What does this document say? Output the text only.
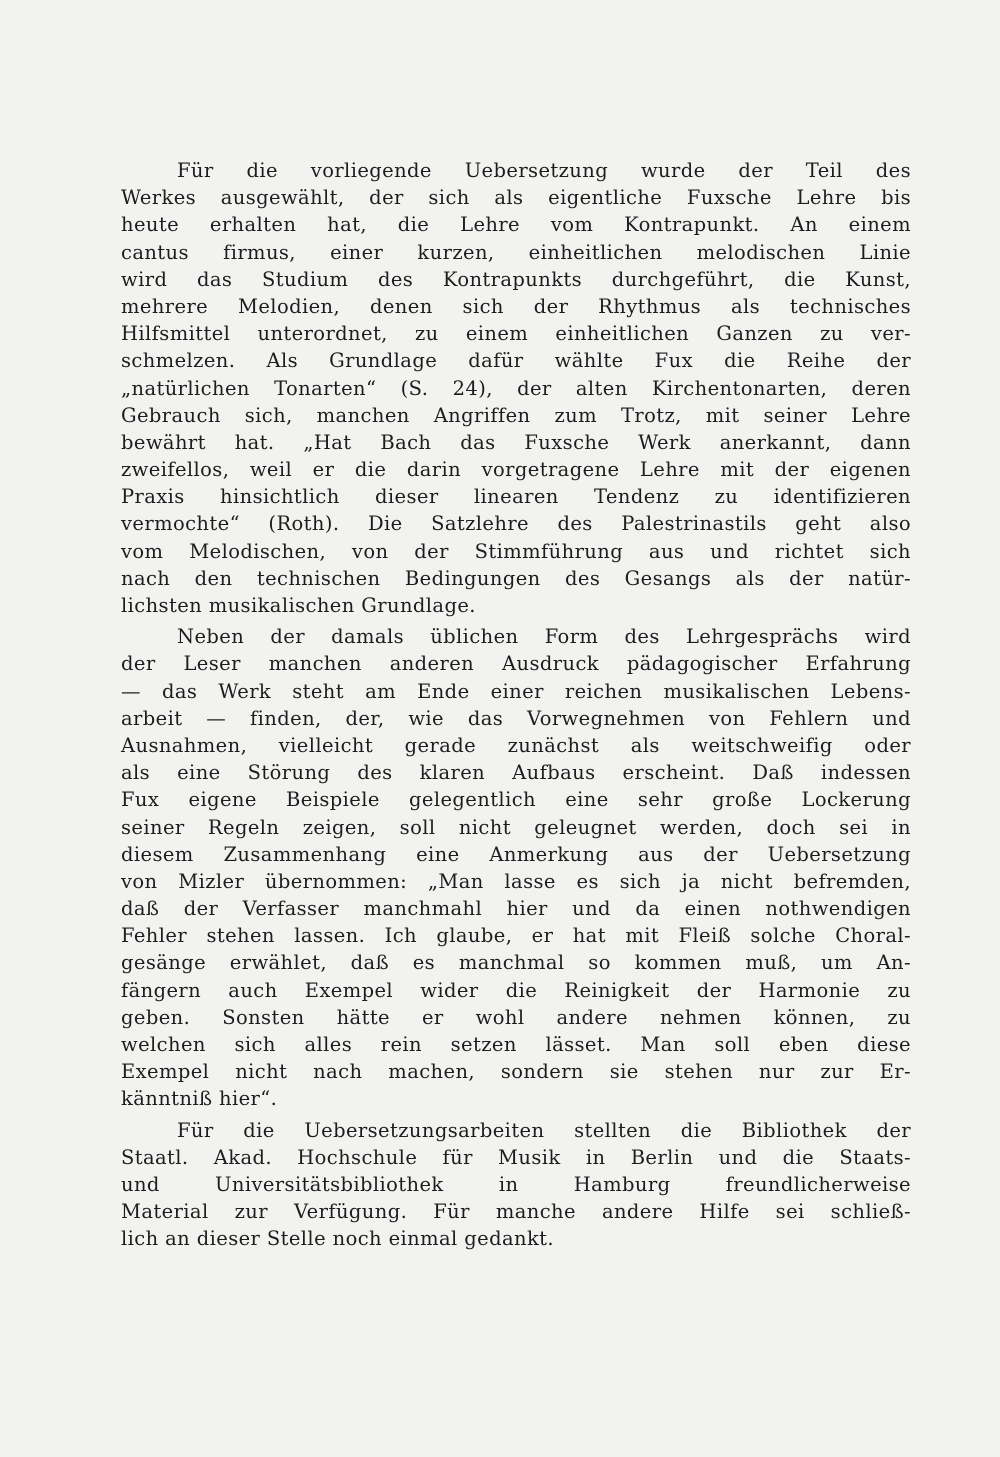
Für die vorliegende Uebersetzung wurde der Teil des
Werkes ausgewählt, der sich als eigentliche Fuxsche Lehre bis
heute erhalten hat, die Lehre vom Kontrapunkt. An einem
cantus firmus, einer kurzen, einheitlichen melodischen Linie
wird das Studium des Kontrapunkts durchgeführt, die Kunst,
mehrere Melodien, denen sich der Rhythmus als technisches
Hilfsmittel unterordnet, zu einem einheitlichen Ganzen zu ver-
schmelzen. Als Grundlage dafür wählte Fux die Reihe der
„natürlichen Tonarten“ (S. 24), der alten Kirchentonarten, deren
Gebrauch sich, manchen Angriffen zum Trotz, mit seiner Lehre
bewährt hat. „Hat Bach das Fuxsche Werk anerkannt, dann
zweifellos, weil er die darin vorgetragene Lehre mit der eigenen
Praxis hinsichtlich dieser linearen Tendenz zu identifizieren
vermochte“ (Roth). Die Satzlehre des Palestrinastils geht also
vom Melodischen, von der Stimmführung aus und richtet sich
nach den technischen Bedingungen des Gesangs als der natür-
lichsten musikalischen Grundlage.
Neben der damals üblichen Form des Lehrgesprächs wird
der Leser manchen anderen Ausdruck pädagogischer Erfahrung
— das Werk steht am Ende einer reichen musikalischen Lebens-
arbeit — finden, der, wie das Vorwegnehmen von Fehlern und
Ausnahmen, vielleicht gerade zunächst als weitschweifig oder
als eine Störung des klaren Aufbaus erscheint. Daß indessen
Fux eigene Beispiele gelegentlich eine sehr große Lockerung
seiner Regeln zeigen, soll nicht geleugnet werden, doch sei in
diesem Zusammenhang eine Anmerkung aus der Uebersetzung
von Mizler übernommen: „Man lasse es sich ja nicht befremden,
daß der Verfasser manchmahl hier und da einen nothwendigen
Fehler stehen lassen. Ich glaube, er hat mit Fleiß solche Choral-
gesänge erwählet, daß es manchmal so kommen muß, um An-
fängern auch Exempel wider die Reinigkeit der Harmonie zu
geben. Sonsten hätte er wohl andere nehmen können, zu
welchen sich alles rein setzen lässet. Man soll eben diese
Exempel nicht nach machen, sondern sie stehen nur zur Er-
känntniß hier“.
Für die Uebersetzungsarbeiten stellten die Bibliothek der
Staatl. Akad. Hochschule für Musik in Berlin und die Staats-
und Universitätsbibliothek in Hamburg freundlicherweise
Material zur Verfügung. Für manche andere Hilfe sei schließ-
lich an dieser Stelle noch einmal gedankt.
